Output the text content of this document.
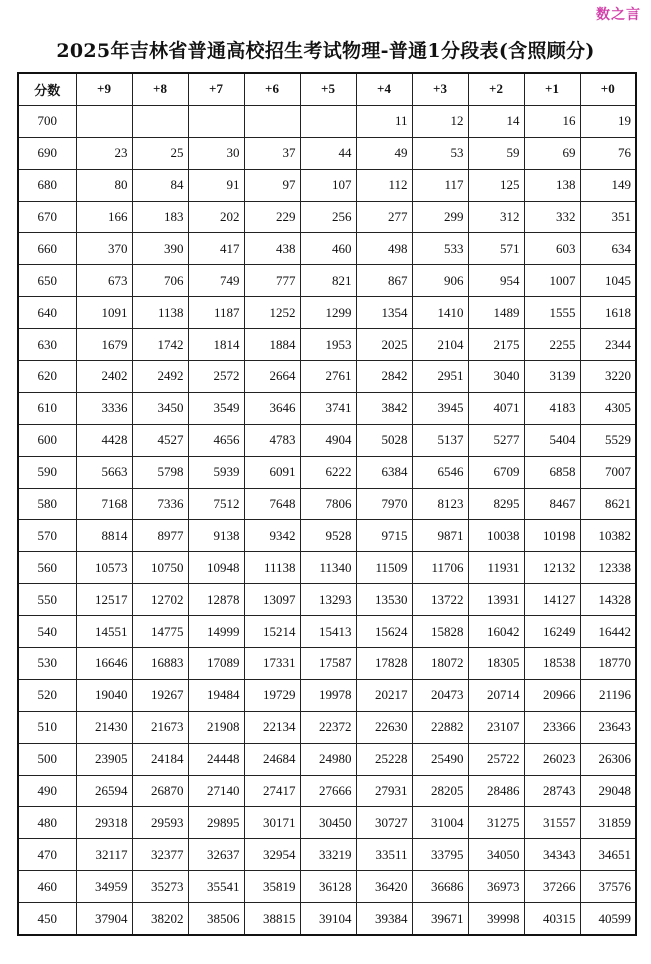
数之言
2025年吉林省普通高校招生考试物理-普通1分段表(含照顾分)
分数	+9	+8	+7	+6	+5	+4	+3	+2	+1	+0
700						11	12	14	16	19
690	23	25	30	37	44	49	53	59	69	76
680	80	84	91	97	107	112	117	125	138	149
670	166	183	202	229	256	277	299	312	332	351
660	370	390	417	438	460	498	533	571	603	634
650	673	706	749	777	821	867	906	954	1007	1045
640	1091	1138	1187	1252	1299	1354	1410	1489	1555	1618
630	1679	1742	1814	1884	1953	2025	2104	2175	2255	2344
620	2402	2492	2572	2664	2761	2842	2951	3040	3139	3220
610	3336	3450	3549	3646	3741	3842	3945	4071	4183	4305
600	4428	4527	4656	4783	4904	5028	5137	5277	5404	5529
590	5663	5798	5939	6091	6222	6384	6546	6709	6858	7007
580	7168	7336	7512	7648	7806	7970	8123	8295	8467	8621
570	8814	8977	9138	9342	9528	9715	9871	10038	10198	10382
560	10573	10750	10948	11138	11340	11509	11706	11931	12132	12338
550	12517	12702	12878	13097	13293	13530	13722	13931	14127	14328
540	14551	14775	14999	15214	15413	15624	15828	16042	16249	16442
530	16646	16883	17089	17331	17587	17828	18072	18305	18538	18770
520	19040	19267	19484	19729	19978	20217	20473	20714	20966	21196
510	21430	21673	21908	22134	22372	22630	22882	23107	23366	23643
500	23905	24184	24448	24684	24980	25228	25490	25722	26023	26306
490	26594	26870	27140	27417	27666	27931	28205	28486	28743	29048
480	29318	29593	29895	30171	30450	30727	31004	31275	31557	31859
470	32117	32377	32637	32954	33219	33511	33795	34050	34343	34651
460	34959	35273	35541	35819	36128	36420	36686	36973	37266	37576
450	37904	38202	38506	38815	39104	39384	39671	39998	40315	40599
